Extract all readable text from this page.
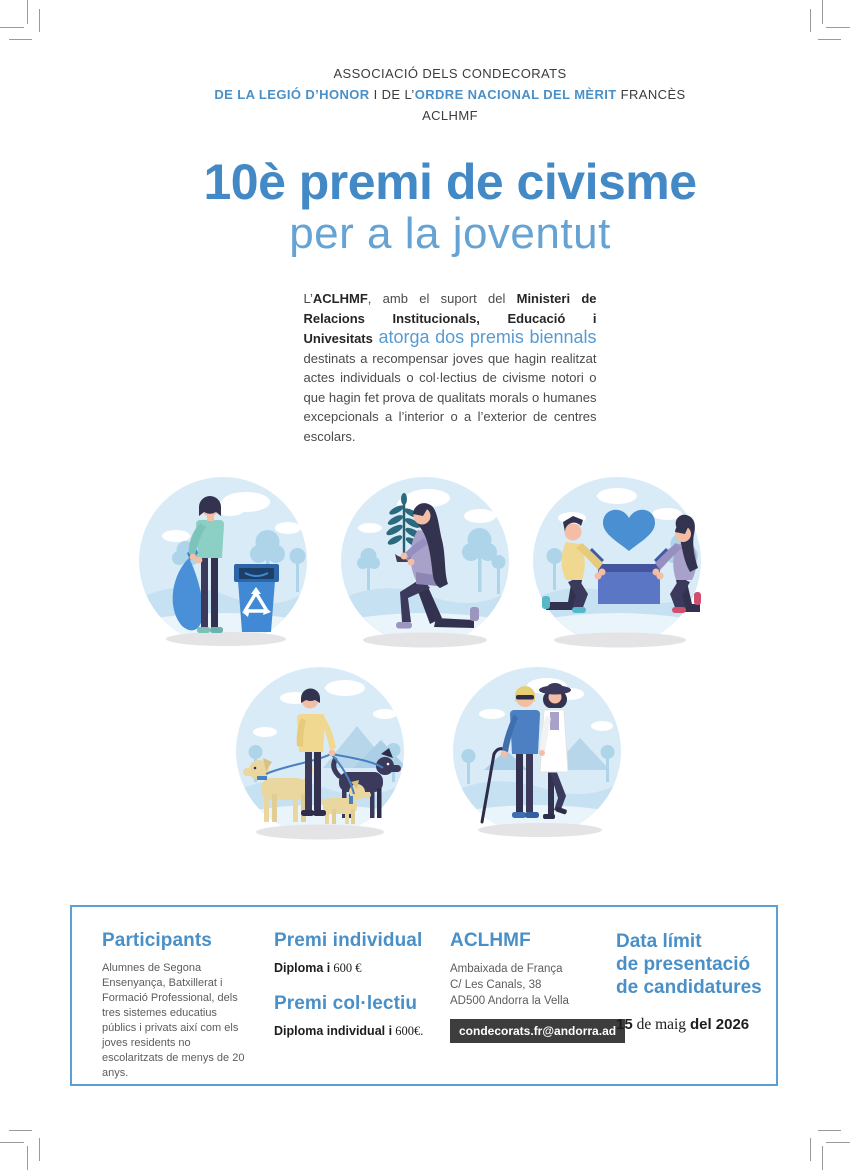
ASSOCIACIÓ DELS CONDECORATS
DE LA LEGIÓ D’HONOR I DE L’ORDRE NACIONAL DEL MÈRIT FRANCÈS
ACLHMF
10è premi de civisme
per a la joventut

L’ACLHMF, amb el suport del Ministeri de Relacions Institucionals, Educació i Univesitats atorga dos premis biennals destinats a recompensar joves que hagin realitzat actes individuals o col·lectius de civisme notori o que hagin fet prova de qualitats morals o humanes excepcionals a l’interior o a l’exterior de centres escolars.

Participants
Alumnes de Segona Ensenyança, Batxillerat i Formació Professional, dels tres sistemes educatius públics i privats així com els joves residents no escolaritzats de menys de 20 anys.
Premi individual

Diploma i 600 €

Premi col·lectiu

Diploma individual i 600€.

ACLHMF
Ambaixada de França
C/ Les Canals, 38
AD500 Andorra la Vella
condecorats.fr@andorra.ad
Data límit
de presentació
de candidatures
15 de maig del 2026
